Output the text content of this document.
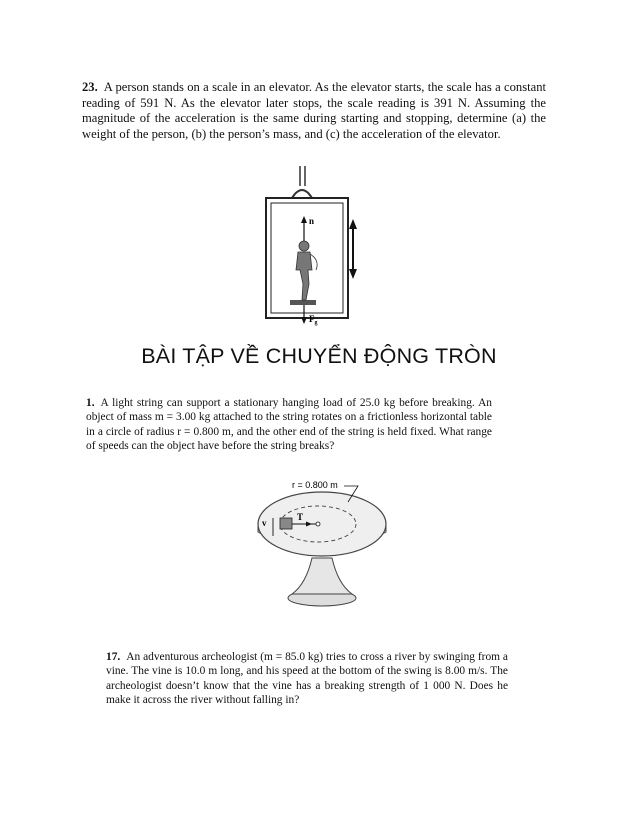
23. A person stands on a scale in an elevator. As the elevator starts, the scale has a constant reading of 591 N. As the elevator later stops, the scale reading is 391 N. Assuming the magnitude of the acceleration is the same during starting and stopping, determine (a) the weight of the person, (b) the person’s mass, and (c) the acceleration of the elevator.
n
$F_g$
BÀI TẬP VỀ CHUYỂN ĐỘNG TRÒN
1. A light string can support a stationary hanging load of 25.0 kg before breaking. An object of mass m = 3.00 kg attached to the string rotates on a frictionless horizontal table in a circle of radius r = 0.800 m, and the other end of the string is held fixed. What range of speeds can the object have before the string breaks?
T
v
r = 0.800 m
17. An adventurous archeologist (m = 85.0 kg) tries to cross a river by swinging from a vine. The vine is 10.0 m long, and his speed at the bottom of the swing is 8.00 m/s. The archeologist doesn’t know that the vine has a breaking strength of 1 000 N. Does he make it across the river without falling in?
